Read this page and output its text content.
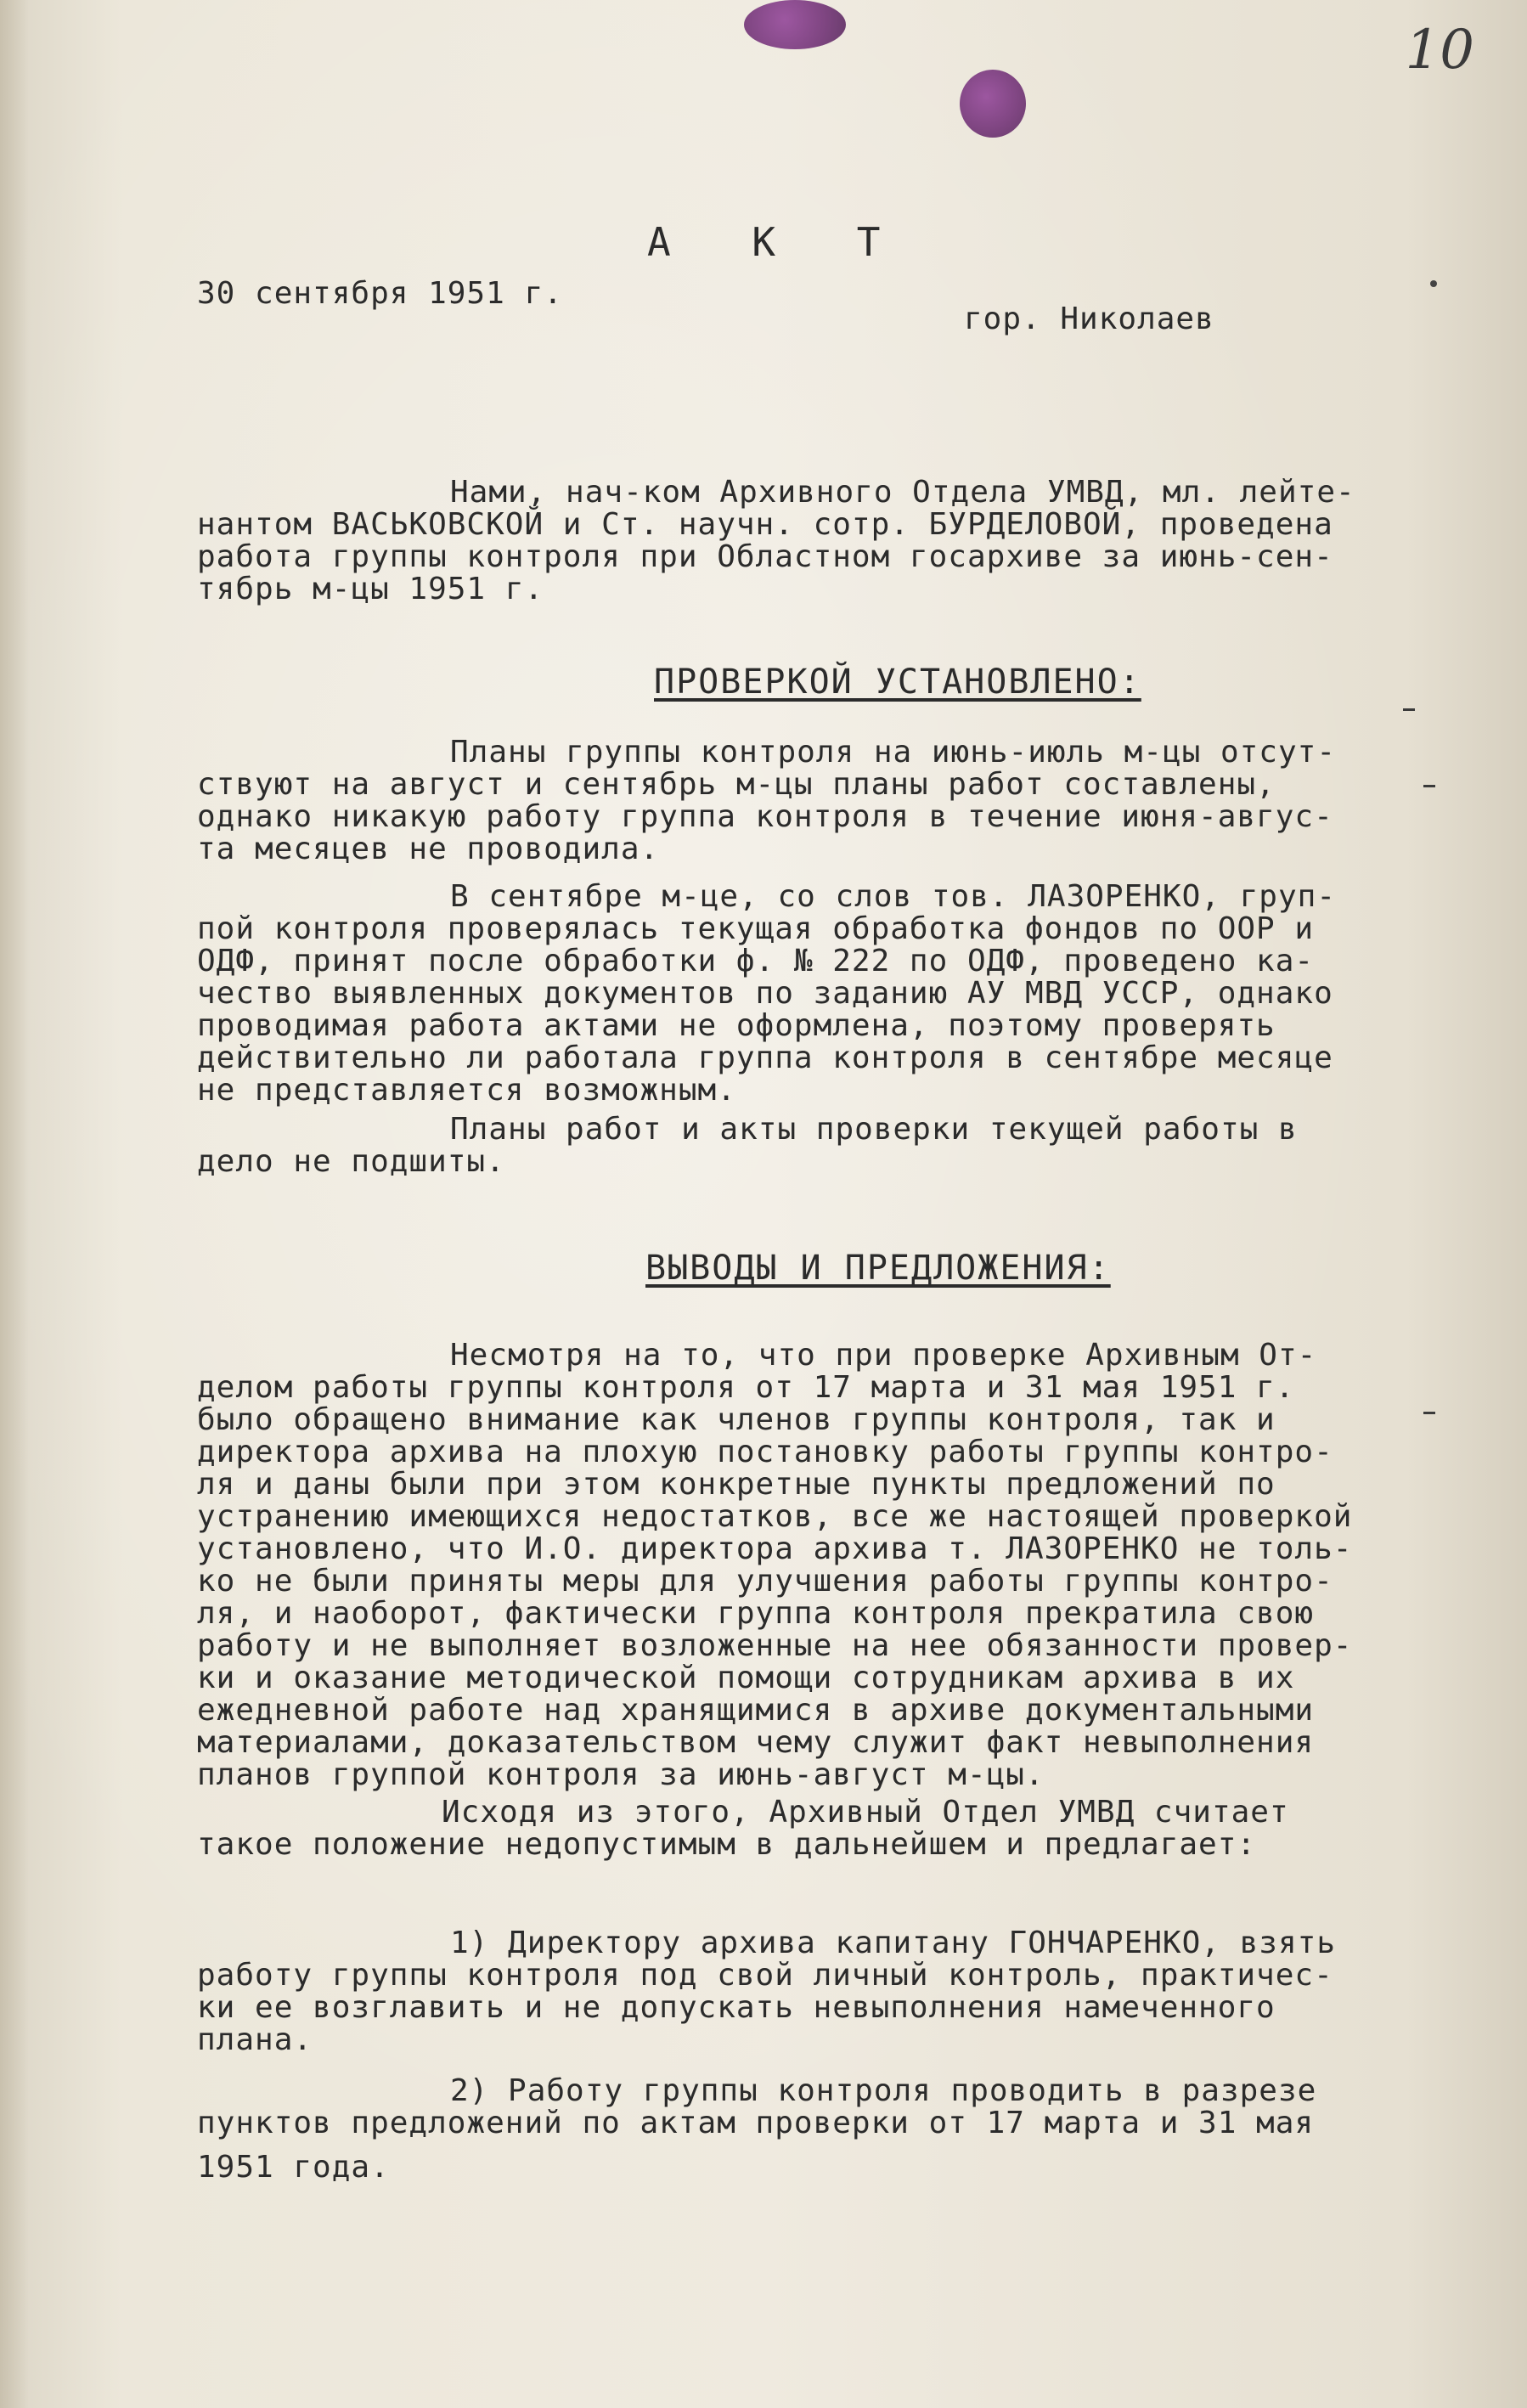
10
А К Т
30 сентября 1951 г.
гор. Николаев
Нами, нач-ком Архивного Отдела УМВД, мл. лейте-
нантом ВАСЬКОВСКОЙ и Ст. научн. сотр. БУРДЕЛОВОЙ, проведена
работа группы контроля при Областном госархиве за июнь-сен-
тябрь м-цы 1951 г.
ПРОВЕРКОЙ УСТАНОВЛЕНО:
Планы группы контроля на июнь-июль м-цы отсут-
ствуют на август и сентябрь м-цы планы работ составлены,
однако никакую работу группа контроля в течение июня-авгус-
та месяцев не проводила.
В сентябре м-це, со слов тов. ЛАЗОРЕНКО, груп-
пой контроля проверялась текущая обработка фондов по ООР и
ОДФ, принят после обработки ф. № 222 по ОДФ, проведено ка-
чество выявленных документов по заданию АУ МВД УССР, однако
проводимая работа актами не оформлена, поэтому проверять
действительно ли работала группа контроля в сентябре месяце
не представляется возможным.
Планы работ и акты проверки текущей работы в
дело не подшиты.
ВЫВОДЫ И ПРЕДЛОЖЕНИЯ:
Несмотря на то, что при проверке Архивным От-
делом работы группы контроля от 17 марта и 31 мая 1951 г.
было обращено внимание как членов группы контроля, так и
директора архива на плохую постановку работы группы контро-
ля и даны были при этом конкретные пункты предложений по
устранению имеющихся недостатков, все же настоящей проверкой
установлено, что И.О. директора архива т. ЛАЗОРЕНКО не толь-
ко не были приняты меры для улучшения работы группы контро-
ля, и наоборот, фактически группа контроля прекратила свою
работу и не выполняет возложенные на нее обязанности провер-
ки и оказание методической помощи сотрудникам архива в их
ежедневной работе над хранящимися в архиве документальными
материалами, доказательством чему служит факт невыполнения
планов группой контроля за июнь-август м-цы.
Исходя из этого, Архивный Отдел УМВД считает
такое положение недопустимым в дальнейшем и предлагает:
1) Директору архива капитану ГОНЧАРЕНКО, взять
работу группы контроля под свой личный контроль, практичес-
ки ее возглавить и не допускать невыполнения намеченного
плана.
2) Работу группы контроля проводить в разрезе
пунктов предложений по актам проверки от 17 марта и 31 мая
1951 года.
